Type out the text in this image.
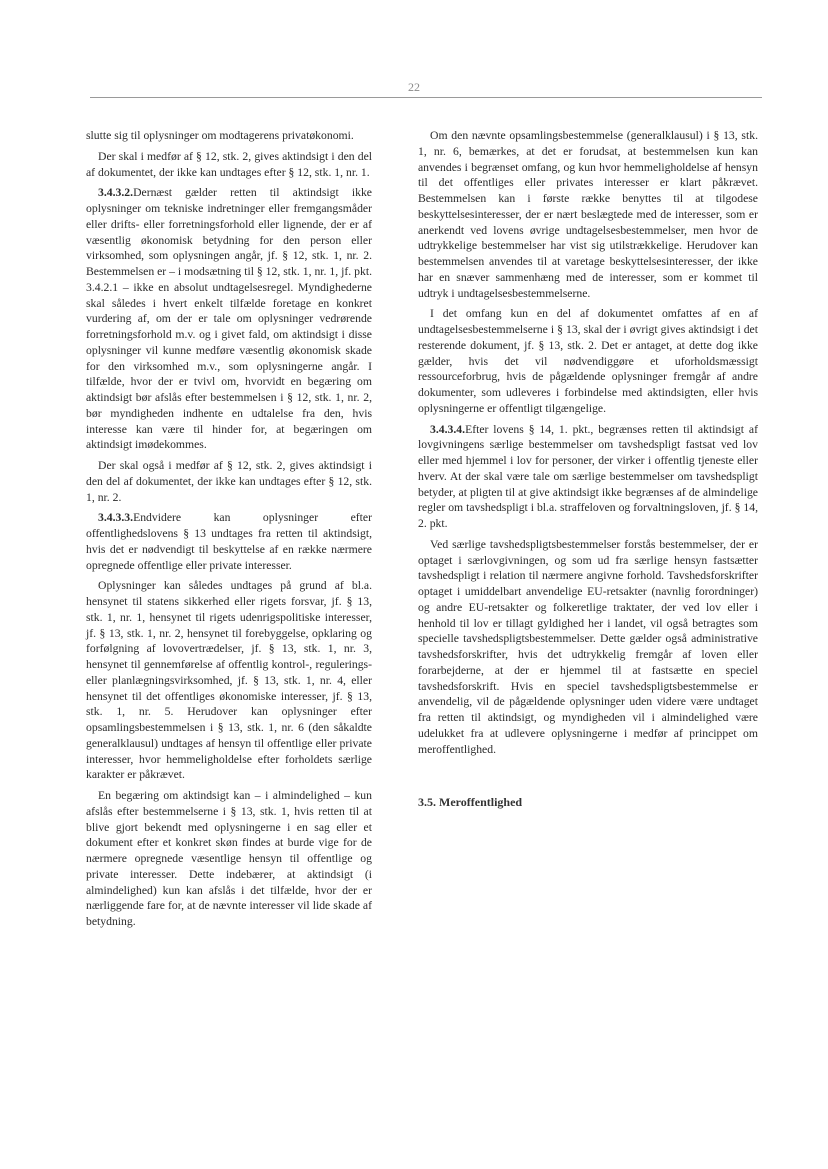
22

slutte sig til oplysninger om modtagerens privatøkonomi.

Der skal i medfør af § 12, stk. 2, gives aktindsigt i den del af dokumentet, der ikke kan undtages efter § 12, stk. 1, nr. 1.

3.4.3.2.Dernæst gælder retten til aktindsigt ikke oplysninger om tekniske indretninger eller fremgangsmåder eller drifts- eller forretningsforhold eller lignende, der er af væsentlig økonomisk betydning for den person eller virksomhed, som oplysningen angår, jf. § 12, stk. 1, nr. 2. Bestemmelsen er – i modsætning til § 12, stk. 1, nr. 1, jf. pkt. 3.4.2.1 – ikke en absolut undtagelsesregel. Myndighederne skal således i hvert enkelt tilfælde foretage en konkret vurdering af, om der er tale om oplysninger vedrørende forretningsforhold m.v. og i givet fald, om aktindsigt i disse oplysninger vil kunne medføre væsentlig økonomisk skade for den virksomhed m.v., som oplysningerne angår. I tilfælde, hvor der er tvivl om, hvorvidt en begæring om aktindsigt bør afslås efter bestemmelsen i § 12, stk. 1, nr. 2, bør myndigheden indhente en udtalelse fra den, hvis interesse kan være til hinder for, at begæringen om aktindsigt imødekommes.

Der skal også i medfør af § 12, stk. 2, gives aktindsigt i den del af dokumentet, der ikke kan undtages efter § 12, stk. 1, nr. 2.

3.4.3.3.Endvidere kan oplysninger efter offentlighedslovens § 13 undtages fra retten til aktindsigt, hvis det er nødvendigt til beskyttelse af en række nærmere opregnede offentlige eller private interesser.

Oplysninger kan således undtages på grund af bl.a. hensynet til statens sikkerhed eller rigets forsvar, jf. § 13, stk. 1, nr. 1, hensynet til rigets udenrigspolitiske interesser, jf. § 13, stk. 1, nr. 2, hensynet til forebyggelse, opklaring og forfølgning af lovovertrædelser, jf. § 13, stk. 1, nr. 3, hensynet til gennemførelse af offentlig kontrol-, regulerings- eller planlægningsvirksomhed, jf. § 13, stk. 1, nr. 4, eller hensynet til det offentliges økonomiske interesser, jf. § 13, stk. 1, nr. 5. Herudover kan oplysninger efter opsamlingsbestemmelsen i § 13, stk. 1, nr. 6 (den såkaldte generalklausul) undtages af hensyn til offentlige eller private interesser, hvor hemmeligholdelse efter forholdets særlige karakter er påkrævet.

En begæring om aktindsigt kan – i almindelighed – kun afslås efter bestemmelserne i § 13, stk. 1, hvis retten til at blive gjort bekendt med oplysningerne i en sag eller et dokument efter et konkret skøn findes at burde vige for de nærmere opregnede væsentlige hensyn til offentlige og private interesser. Dette indebærer, at aktindsigt (i almindelighed) kun kan afslås i det tilfælde, hvor der er nærliggende fare for, at de nævnte interesser vil lide skade af betydning.

Om den nævnte opsamlingsbestemmelse (generalklausul) i § 13, stk. 1, nr. 6, bemærkes, at det er forudsat, at bestemmelsen kun kan anvendes i begrænset omfang, og kun hvor hemmeligholdelse af hensyn til det offentliges eller privates interesser er klart påkrævet. Bestemmelsen kan i første række benyttes til at tilgodese beskyttelsesinteresser, der er nært beslægtede med de interesser, som er anerkendt ved lovens øvrige undtagelsesbestemmelser, men hvor de udtrykkelige bestemmelser har vist sig utilstrækkelige. Herudover kan bestemmelsen anvendes til at varetage beskyttelsesinteresser, der ikke har en snæver sammenhæng med de interesser, som er kommet til udtryk i undtagelsesbestemmelserne.

I det omfang kun en del af dokumentet omfattes af en af undtagelsesbestemmelserne i § 13, skal der i øvrigt gives aktindsigt i det resterende dokument, jf. § 13, stk. 2. Det er antaget, at dette dog ikke gælder, hvis det vil nødvendiggøre et uforholdsmæssigt ressourceforbrug, hvis de pågældende oplysninger fremgår af andre dokumenter, som udleveres i forbindelse med aktindsigten, eller hvis oplysningerne er offentligt tilgængelige.

3.4.3.4.Efter lovens § 14, 1. pkt., begrænses retten til aktindsigt af lovgivningens særlige bestemmelser om tavshedspligt fastsat ved lov eller med hjemmel i lov for personer, der virker i offentlig tjeneste eller hverv. At der skal være tale om særlige bestemmelser om tavshedspligt betyder, at pligten til at give aktindsigt ikke begrænses af de almindelige regler om tavshedspligt i bl.a. straffeloven og forvaltningsloven, jf. § 14, 2. pkt.

Ved særlige tavshedspligtsbestemmelser forstås bestemmelser, der er optaget i særlovgivningen, og som ud fra særlige hensyn fastsætter tavshedspligt i relation til nærmere angivne forhold. Tavshedsforskrifter optaget i umiddelbart anvendelige EU-retsakter (navnlig forordninger) og andre EU-retsakter og folkeretlige traktater, der ved lov eller i henhold til lov er tillagt gyldighed her i landet, vil også betragtes som specielle tavshedspligtsbestemmelser. Dette gælder også administrative tavshedsforskrifter, hvis det udtrykkelig fremgår af loven eller forarbejderne, at der er hjemmel til at fastsætte en speciel tavshedsforskrift. Hvis en speciel tavshedspligtsbestemmelse er anvendelig, vil de pågældende oplysninger uden videre være undtaget fra retten til aktindsigt, og myndigheden vil i almindelighed være udelukket fra at udlevere oplysningerne i medfør af princippet om meroffentlighed.

3.5. Meroffentlighed
